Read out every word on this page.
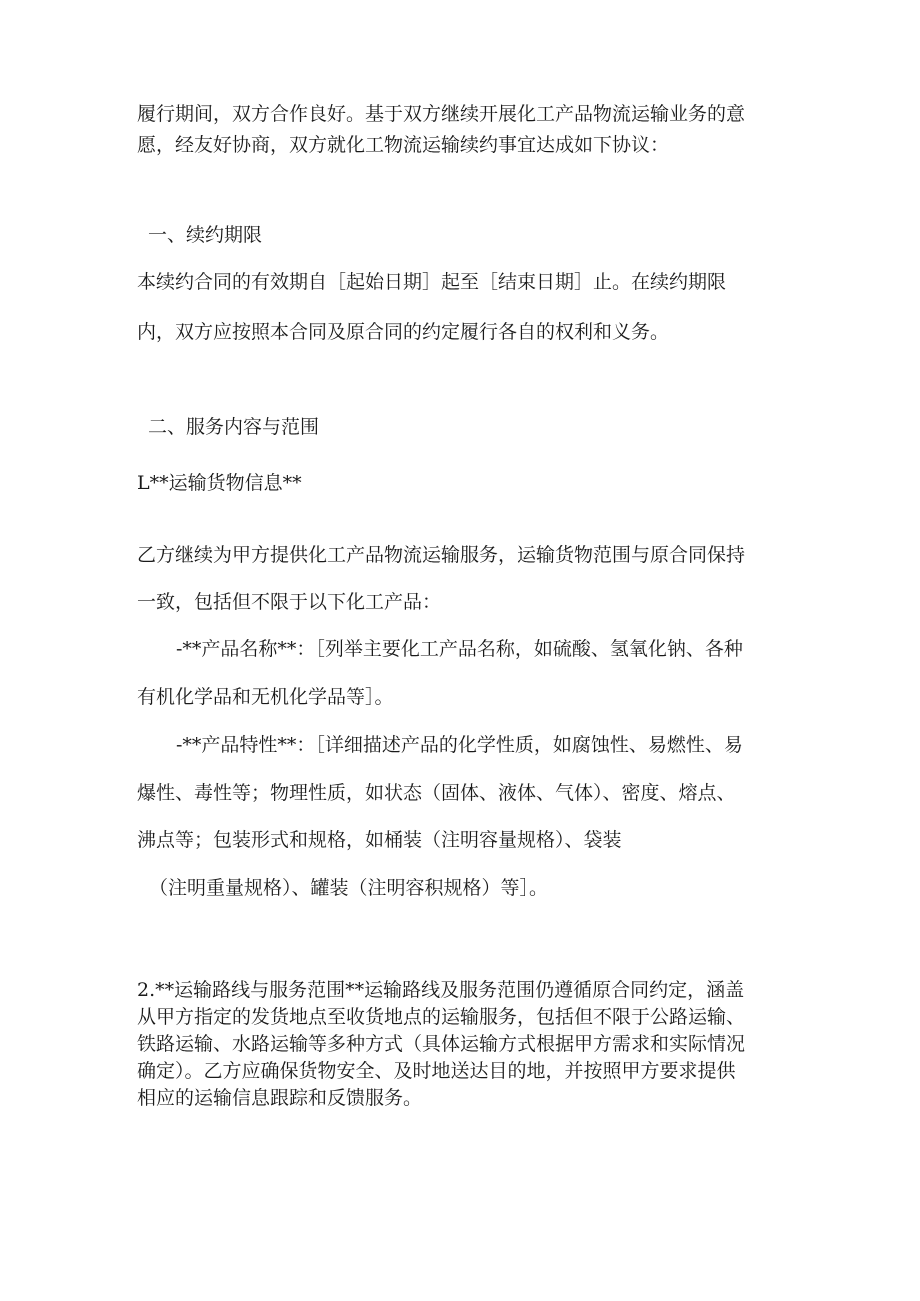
履行期间，双方合作良好。基于双方继续开展化工产品物流运输业务的意

愿，经友好协商，双方就化工物流运输续约事宜达成如下协议：

一、续约期限

本续约合同的有效期自［起始日期］起至［结束日期］止。在续约期限

内，双方应按照本合同及原合同的约定履行各自的权利和义务。

二、服务内容与范围

L**运输货物信息**

乙方继续为甲方提供化工产品物流运输服务，运输货物范围与原合同保持

一致，包括但不限于以下化工产品：

-**产品名称**：［列举主要化工产品名称，如硫酸、氢氧化钠、各种

有机化学品和无机化学品等］。

-**产品特性**：［详细描述产品的化学性质，如腐蚀性、易燃性、易

爆性、毒性等；物理性质，如状态（固体、液体、气体）、密度、熔点、

沸点等；包装形式和规格，如桶装（注明容量规格）、袋装

（注明重量规格）、罐装（注明容积规格）等］。

2.**运输路线与服务范围**运输路线及服务范围仍遵循原合同约定，涵盖

从甲方指定的发货地点至收货地点的运输服务，包括但不限于公路运输、

铁路运输、水路运输等多种方式（具体运输方式根据甲方需求和实际情况

确定）。乙方应确保货物安全、及时地送达目的地，并按照甲方要求提供

相应的运输信息跟踪和反馈服务。
